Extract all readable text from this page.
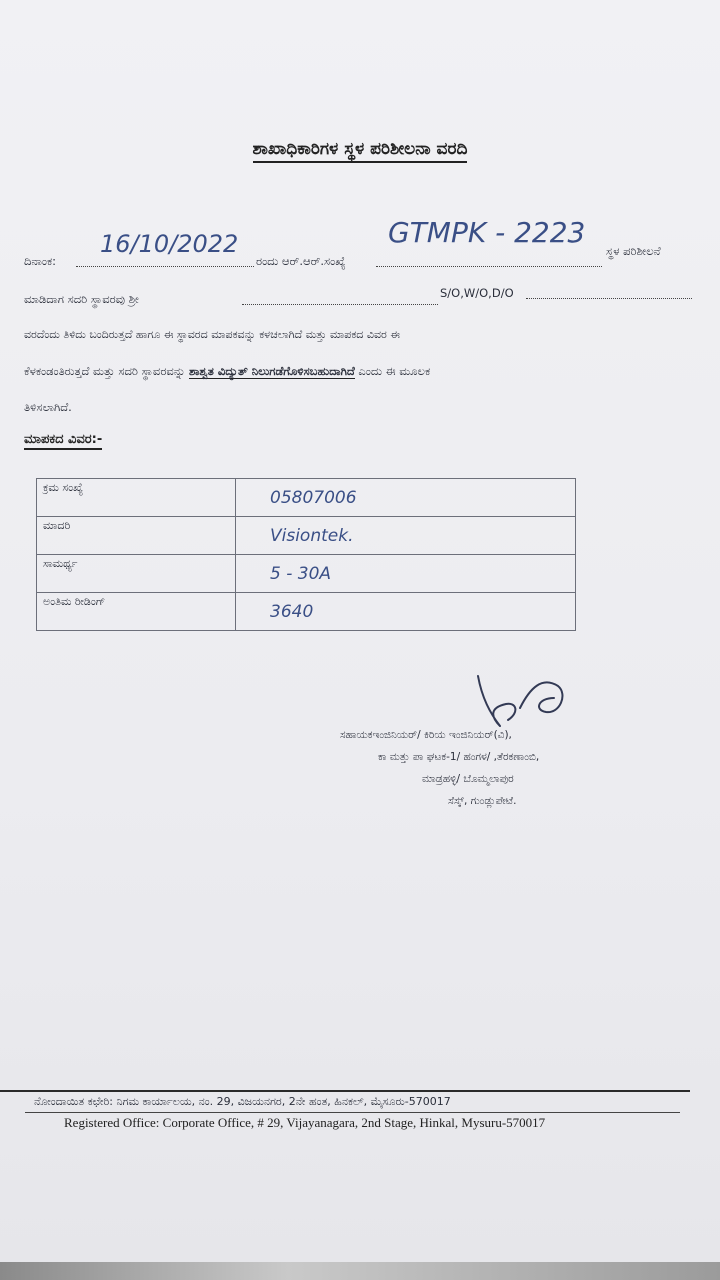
ಶಾಖಾಧಿಕಾರಿಗಳ ಸ್ಥಳ ಪರಿಶೀಲನಾ ವರದಿ
ದಿನಾಂಕ:
16/10/2022
ರಂದು ಆರ್.ಆರ್.ಸಂಖ್ಯೆ
GTMPK - 2223
ಸ್ಥಳ ಪರಿಶೀಲನೆ
ಮಾಡಿದಾಗ ಸದರಿ ಸ್ಥಾವರವು ಶ್ರೀ	S/O,W/O,D/O
ವರದೆಂದು ತಿಳಿದು ಬಂದಿರುತ್ತದೆ ಹಾಗೂ ಈ ಸ್ಥಾವರದ ಮಾಪಕವನ್ನು ಕಳಚಲಾಗಿದೆ ಮತ್ತು ಮಾಪಕದ ವಿವರ ಈ
ಕೆಳಕಂಡಂತಿರುತ್ತದೆ ಮತ್ತು ಸದರಿ ಸ್ಥಾವರವನ್ನು ಶಾಶ್ವತ ವಿದ್ಯುತ್ ನಿಲುಗಡೆಗೊಳಿಸಬಹುದಾಗಿದೆ ಎಂದು ಈ ಮೂಲಕ
ತಿಳಿಸಲಾಗಿದೆ.
ಮಾಪಕದ ವಿವರ:-
ಕ್ರಮ ಸಂಖ್ಯೆ	05807006
ಮಾದರಿ	Visiontek.
ಸಾಮರ್ಥ್ಯ	5 - 30A
ಅಂತಿಮ ರೀಡಿಂಗ್	3640
ಸಹಾಯಕಇಂಜಿನಿಯರ್/ ಕಿರಿಯ ಇಂಜಿನಿಯರ್(ವಿ),
ಕಾ ಮತ್ತು ಪಾ ಘಟಕ-1/ ಹಂಗಳ/ ,ತೆರಕಣಾಂಬಿ,
ಮಾಡ್ರಹಳ್ಳಿ/ ಬೊಮ್ಮಲಾಪುರ
ಸೆಸ್ಕ್, ಗುಂಡ್ಲುಪೇಟೆ.
ನೋಂದಾಯಿತ ಕಛೇರಿ: ನಿಗಮ ಕಾರ್ಯಾಲಯ, ನಂ. 29, ವಿಜಯನಗರ, 2ನೇ ಹಂತ, ಹಿನಕಲ್, ಮೈಸೂರು-570017
Registered Office: Corporate Office, # 29, Vijayanagara, 2nd Stage, Hinkal, Mysuru-570017
